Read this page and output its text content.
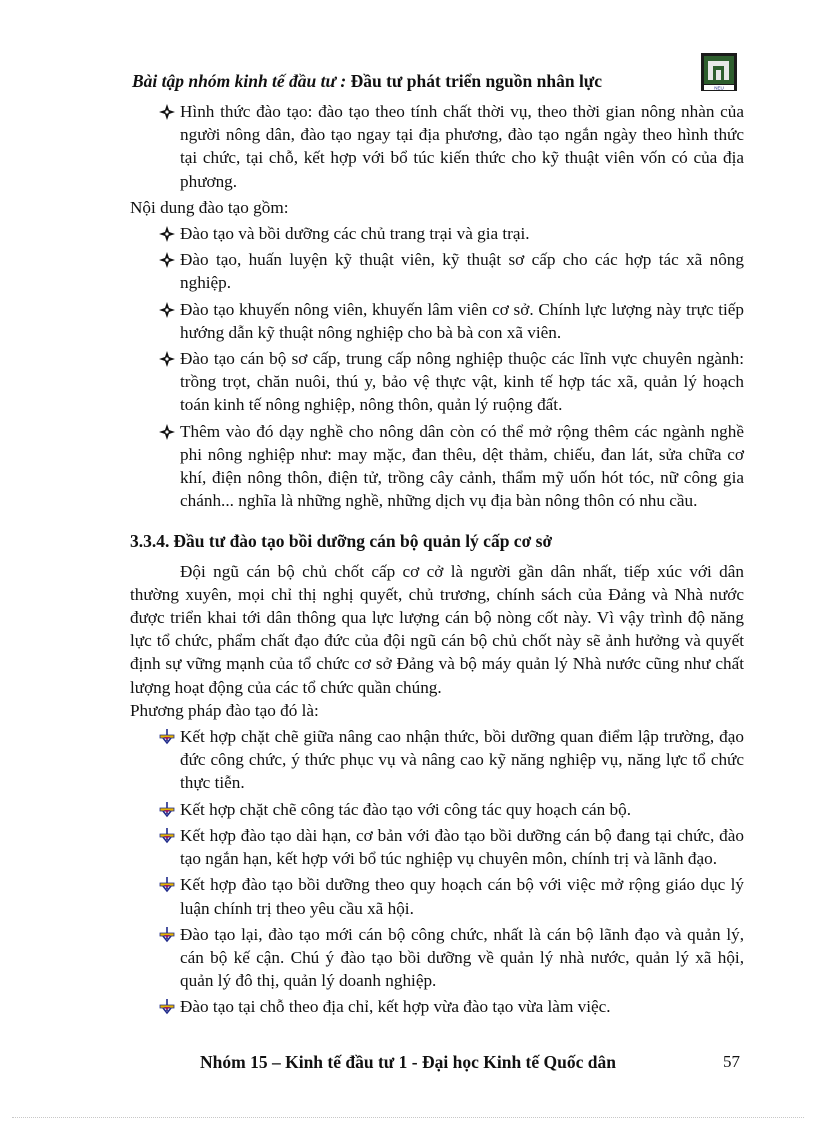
Bài tập nhóm kinh tế đầu tư : Đầu tư phát triển nguồn nhân lực	NEU

Hình thức đào tạo: đào tạo theo tính chất thời vụ, theo thời gian nông nhàn của người nông dân, đào tạo ngay tại địa phương, đào tạo ngắn ngày theo hình thức tại chức, tại chỗ, kết hợp với bổ túc kiến thức cho kỹ thuật viên vốn có của địa phương.

Nội dung đào tạo gồm:

Đào tạo và bồi dưỡng các chủ trang trại và gia trại.

Đào tạo, huấn luyện kỹ thuật viên, kỹ thuật sơ cấp cho các hợp tác xã nông nghiệp.

Đào tạo khuyến nông viên, khuyến lâm viên cơ sở. Chính lực lượng này trực tiếp hướng dẫn kỹ thuật nông nghiệp cho bà bà con xã viên.

Đào tạo cán bộ sơ cấp, trung cấp nông nghiệp thuộc các lĩnh vực chuyên ngành: trồng trọt, chăn nuôi, thú y, bảo vệ thực vật, kinh tế hợp tác xã, quản lý hoạch toán kinh tế nông nghiệp, nông thôn, quản lý ruộng đất.

Thêm vào đó dạy nghề cho nông dân còn có thể mở rộng thêm các ngành nghề phi nông nghiệp như: may mặc, đan thêu, dệt thảm, chiếu, đan lát, sửa chữa cơ khí, điện nông thôn, điện tử, trồng cây cảnh, thẩm mỹ uốn hót tóc, nữ công gia chánh... nghĩa là những nghề, những dịch vụ địa bàn nông thôn có nhu cầu.

3.3.4. Đầu tư đào tạo bồi dưỡng cán bộ quản lý cấp cơ sở

Đội ngũ cán bộ chủ chốt cấp cơ cở là người gần dân nhất, tiếp xúc với dân thường xuyên, mọi chỉ thị nghị quyết, chủ trương, chính sách của Đảng và Nhà nước được triển khai tới dân thông qua lực lượng cán bộ nòng cốt này. Vì vậy trình độ năng lực tổ chức, phẩm chất đạo đức của đội ngũ cán bộ chủ chốt này sẽ ảnh hưởng và quyết định sự vững mạnh của tổ chức cơ sở Đảng và bộ máy quản lý Nhà nước cũng như chất lượng hoạt động của các tổ chức quần chúng.

Phương pháp đào tạo đó là:

Kết hợp chặt chẽ giữa nâng cao nhận thức, bồi dưỡng quan điểm lập trường, đạo đức công chức, ý thức phục vụ và nâng cao kỹ năng nghiệp vụ, năng lực tổ chức thực tiễn.

Kết hợp chặt chẽ công tác đào tạo với công tác quy hoạch cán bộ.

Kết hợp đào tạo dài hạn, cơ bản với đào tạo bồi dưỡng cán bộ đang tại chức, đào tạo ngắn hạn, kết hợp với bổ túc nghiệp vụ chuyên môn, chính trị và lãnh đạo.

Kết hợp đào tạo bồi dưỡng theo quy hoạch cán bộ với việc mở rộng giáo dục lý luận chính trị theo yêu cầu xã hội.

Đào tạo lại, đào tạo mới cán bộ công chức, nhất là cán bộ lãnh đạo và quản lý, cán bộ kế cận. Chú ý đào tạo bồi dưỡng về quản lý nhà nước, quản lý xã hội, quản lý đô thị, quản lý doanh nghiệp.

Đào tạo tại chỗ theo địa chỉ, kết hợp vừa đào tạo vừa làm việc.

Nhóm 15 – Kinh tế đầu tư 1 - Đại học Kinh tế Quốc dân	57
